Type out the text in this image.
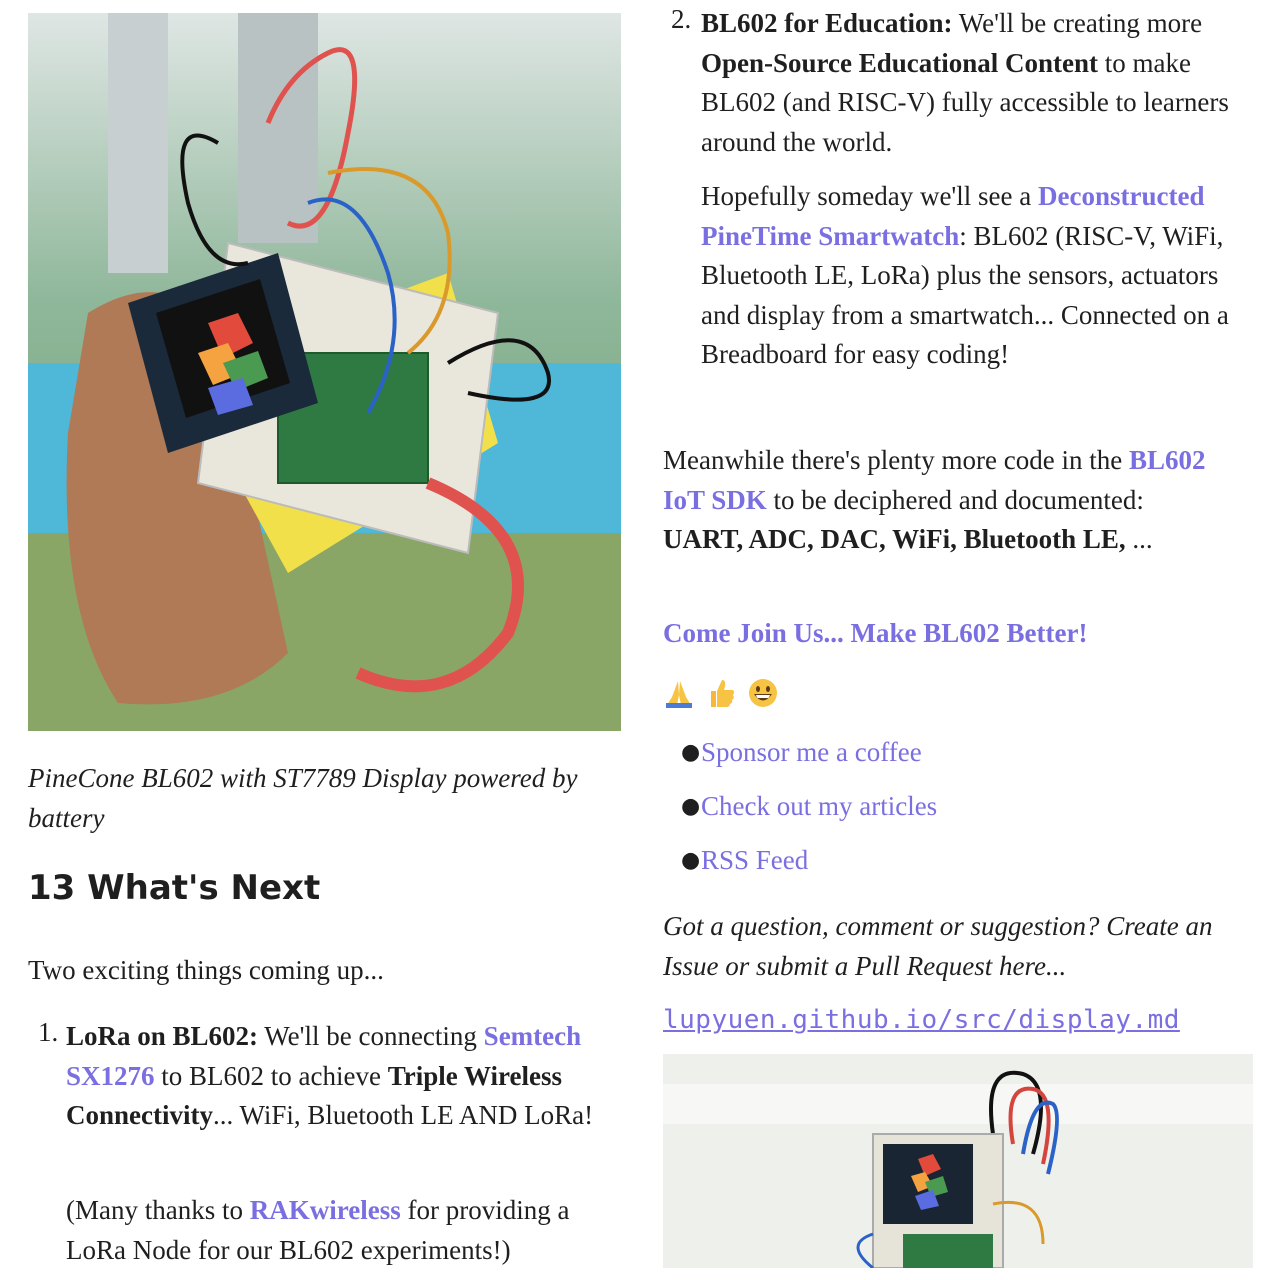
PineCone BL602 with ST7789 Display powered by battery
13 What's Next

Two exciting things coming up...

1. LoRa on BL602: We'll be connecting Semtech SX1276 to BL602 to achieve Triple Wireless Connectivity... WiFi, Bluetooth LE AND LoRa!

(Many thanks to RAKwireless for providing a LoRa Node for our BL602 experiments!)

2. BL602 for Education: We'll be creating more Open-Source Educational Content to make BL602 (and RISC-V) fully accessible to learners around the world.

Hopefully someday we'll see a Deconstructed PineTime Smartwatch: BL602 (RISC-V, WiFi, Bluetooth LE, LoRa) plus the sensors, actuators and display from a smartwatch... Connected on a Breadboard for easy coding!

Meanwhile there's plenty more code in the BL602 IoT SDK to be deciphered and documented: UART, ADC, DAC, WiFi, Bluetooth LE, ...

Come Join Us... Make BL602 Better!

● Sponsor me a coffee
● Check out my articles
● RSS Feed

Got a question, comment or suggestion? Create an Issue or submit a Pull Request here...

lupyuen.github.io/src/display.md
